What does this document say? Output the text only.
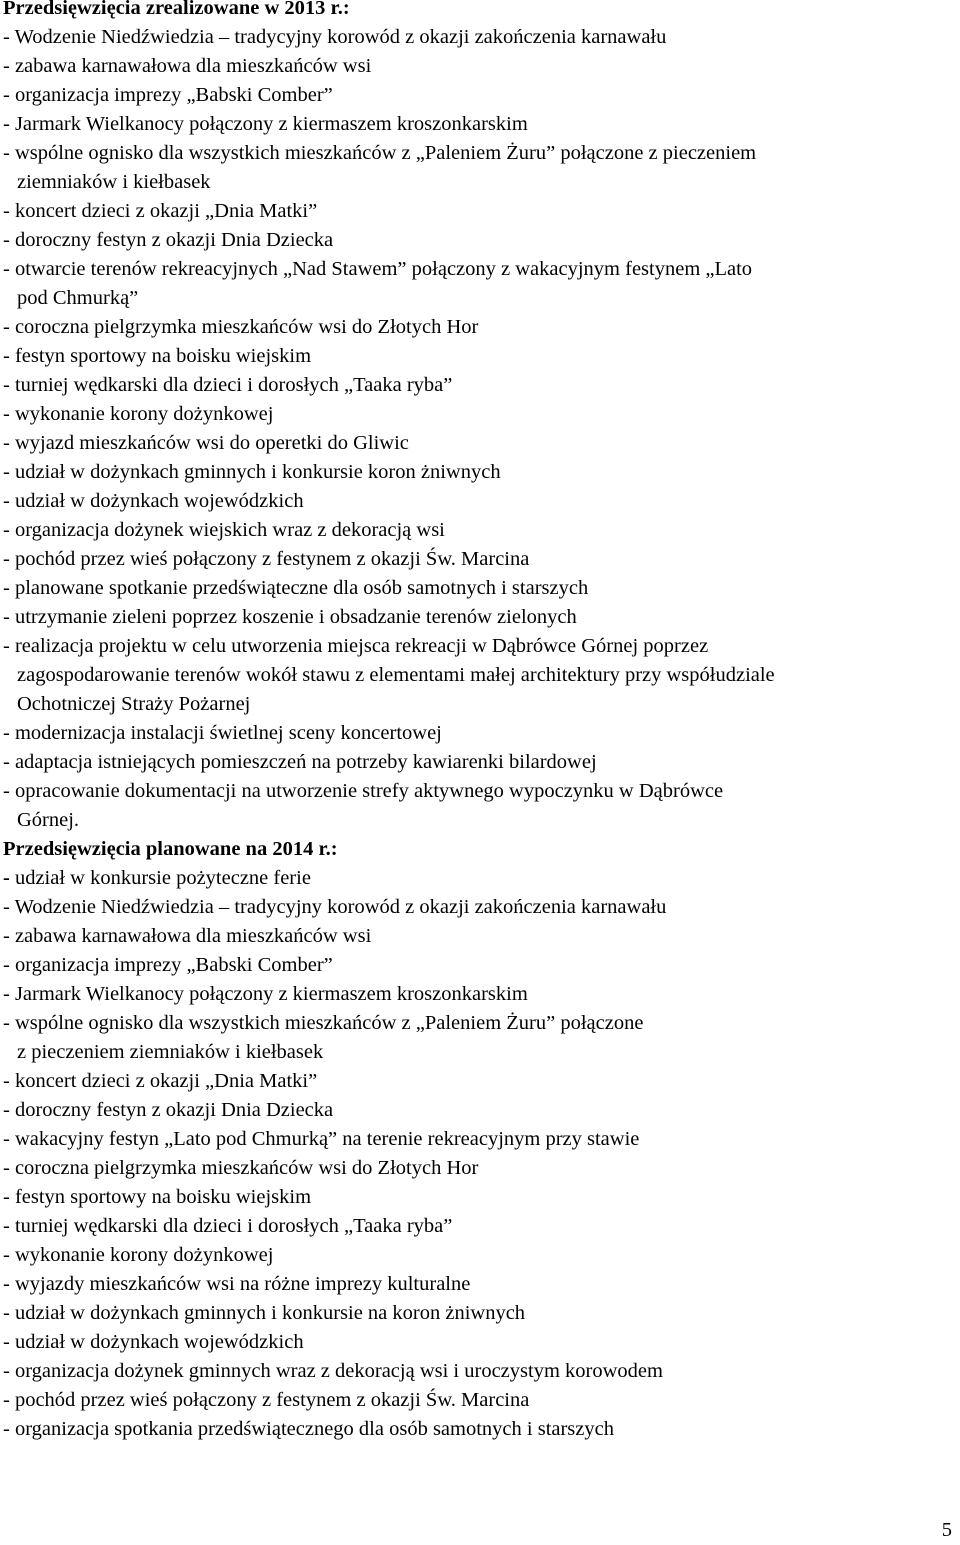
Przedsięwzięcia zrealizowane w 2013 r.:
- Wodzenie Niedźwiedzia – tradycyjny korowód z okazji zakończenia karnawału
- zabawa karnawałowa dla mieszkańców wsi
- organizacja imprezy „Babski Comber”
- Jarmark Wielkanocy połączony z kiermaszem kroszonkarskim
- wspólne ognisko dla wszystkich mieszkańców z „Paleniem Żuru” połączone z pieczeniem
ziemniaków i kiełbasek
- koncert dzieci z okazji „Dnia Matki”
- doroczny festyn z okazji Dnia Dziecka
- otwarcie terenów rekreacyjnych „Nad Stawem” połączony z wakacyjnym festynem „Lato
pod Chmurką”
- coroczna pielgrzymka mieszkańców wsi do Złotych Hor
- festyn sportowy na boisku wiejskim
- turniej wędkarski dla dzieci i dorosłych „Taaka ryba”
- wykonanie korony dożynkowej
- wyjazd mieszkańców wsi do operetki do Gliwic
- udział w dożynkach gminnych i konkursie koron żniwnych
- udział w dożynkach wojewódzkich
- organizacja dożynek wiejskich wraz z dekoracją wsi
- pochód przez wieś połączony z festynem z okazji Św. Marcina
- planowane spotkanie przedświąteczne dla osób samotnych i starszych
- utrzymanie zieleni poprzez koszenie i obsadzanie terenów zielonych
- realizacja projektu w celu utworzenia miejsca rekreacji w Dąbrówce Górnej poprzez
zagospodarowanie terenów wokół stawu z elementami małej architektury przy współudziale
Ochotniczej Straży Pożarnej
- modernizacja instalacji świetlnej sceny koncertowej
- adaptacja istniejących pomieszczeń na potrzeby kawiarenki bilardowej
- opracowanie dokumentacji na utworzenie strefy aktywnego wypoczynku w Dąbrówce
Górnej.
Przedsięwzięcia planowane na 2014 r.:
- udział w konkursie pożyteczne ferie
- Wodzenie Niedźwiedzia – tradycyjny korowód z okazji zakończenia karnawału
- zabawa karnawałowa dla mieszkańców wsi
- organizacja imprezy „Babski Comber”
- Jarmark Wielkanocy połączony z kiermaszem kroszonkarskim
- wspólne ognisko dla wszystkich mieszkańców z „Paleniem Żuru” połączone
z pieczeniem ziemniaków i kiełbasek
- koncert dzieci z okazji „Dnia Matki”
- doroczny festyn z okazji Dnia Dziecka
- wakacyjny festyn „Lato pod Chmurką” na terenie rekreacyjnym przy stawie
- coroczna pielgrzymka mieszkańców wsi do Złotych Hor
- festyn sportowy na boisku wiejskim
- turniej wędkarski dla dzieci i dorosłych „Taaka ryba”
- wykonanie korony dożynkowej
- wyjazdy mieszkańców wsi na różne imprezy kulturalne
- udział w dożynkach gminnych i konkursie na koron żniwnych
- udział w dożynkach wojewódzkich
- organizacja dożynek gminnych wraz z dekoracją wsi i uroczystym korowodem
- pochód przez wieś połączony z festynem z okazji Św. Marcina
- organizacja spotkania przedświątecznego dla osób samotnych i starszych
5
